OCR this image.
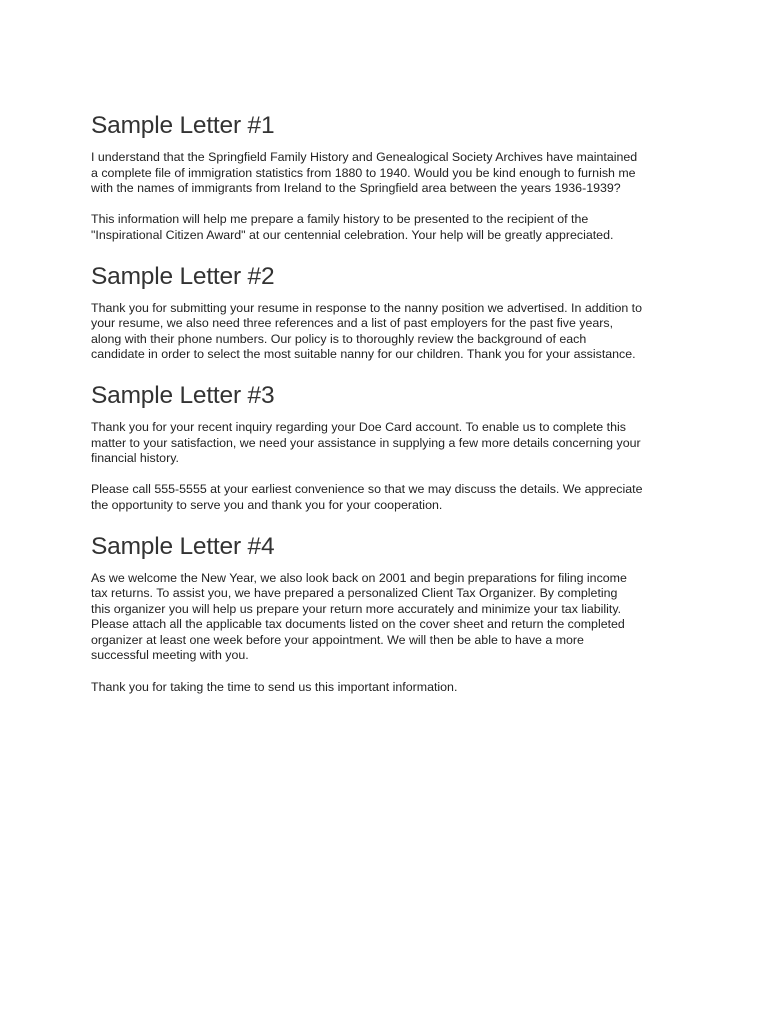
Sample Letter #1

I understand that the Springfield Family History and Genealogical Society Archives have maintained
a complete file of immigration statistics from 1880 to 1940. Would you be kind enough to furnish me
with the names of immigrants from Ireland to the Springfield area between the years 1936-1939?

This information will help me prepare a family history to be presented to the recipient of the
"Inspirational Citizen Award" at our centennial celebration. Your help will be greatly appreciated.

Sample Letter #2

Thank you for submitting your resume in response to the nanny position we advertised. In addition to
your resume, we also need three references and a list of past employers for the past five years,
along with their phone numbers. Our policy is to thoroughly review the background of each
candidate in order to select the most suitable nanny for our children. Thank you for your assistance.

Sample Letter #3

Thank you for your recent inquiry regarding your Doe Card account. To enable us to complete this
matter to your satisfaction, we need your assistance in supplying a few more details concerning your
financial history.

Please call 555-5555 at your earliest convenience so that we may discuss the details. We appreciate
the opportunity to serve you and thank you for your cooperation.

Sample Letter #4

As we welcome the New Year, we also look back on 2001 and begin preparations for filing income
tax returns. To assist you, we have prepared a personalized Client Tax Organizer. By completing
this organizer you will help us prepare your return more accurately and minimize your tax liability.
Please attach all the applicable tax documents listed on the cover sheet and return the completed
organizer at least one week before your appointment. We will then be able to have a more
successful meeting with you.

Thank you for taking the time to send us this important information.
